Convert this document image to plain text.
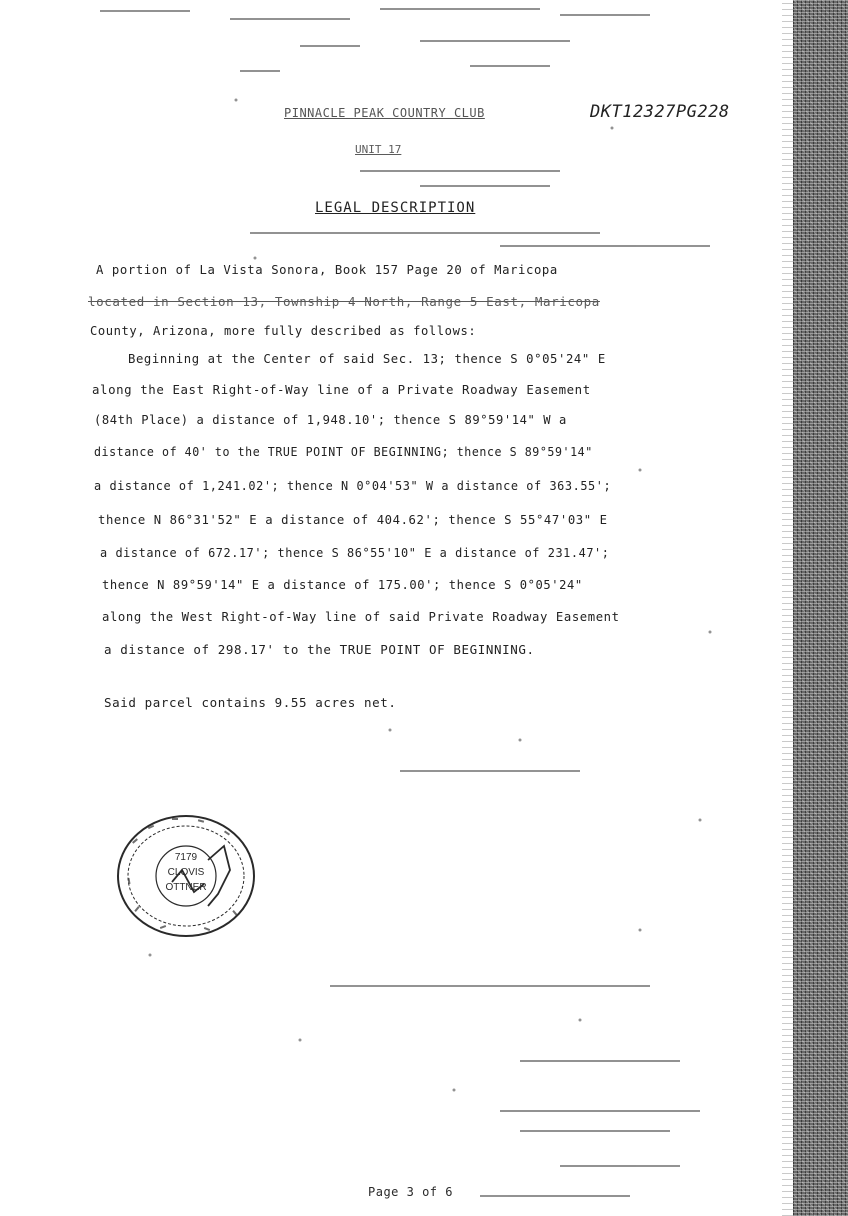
PINNACLE PEAK COUNTRY CLUB	DKT12327PG228
UNIT 17
LEGAL DESCRIPTION
A portion of La Vista Sonora, Book 157 Page 20 of Maricopa
located in Section 13, Township 4 North, Range 5 East, Maricopa
County, Arizona, more fully described as follows:
Beginning at the Center of said Sec. 13; thence S 0°05'24" E
along the East Right-of-Way line of a Private Roadway Easement
(84th Place) a distance of 1,948.10'; thence S 89°59'14" W a
distance of 40' to the TRUE POINT OF BEGINNING; thence S 89°59'14"
a distance of 1,241.02'; thence N 0°04'53" W a distance of 363.55';
thence N 86°31'52" E a distance of 404.62'; thence S 55°47'03" E
a distance of 672.17'; thence S 86°55'10" E a distance of 231.47';
thence N 89°59'14" E a distance of 175.00'; thence S 0°05'24"
along the West Right-of-Way line of said Private Roadway Easement
a distance of 298.17' to the TRUE POINT OF BEGINNING.
Said parcel contains 9.55 acres net.
7179
CLOVIS
OTTNER
Page 3 of 6
